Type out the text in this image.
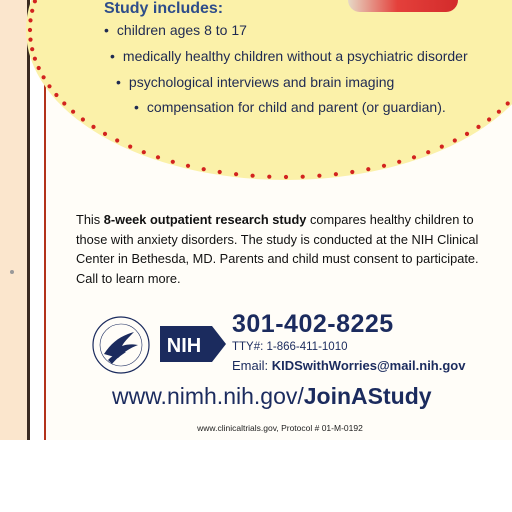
Study includes:
• children ages 8 to 17
• medically healthy children without a psychiatric disorder
• psychological interviews and brain imaging
• compensation for child and parent (or guardian).

This 8-week outpatient research study compares healthy children to those with anxiety disorders. The study is conducted at the NIH Clinical Center in Bethesda, MD. Parents and child must consent to participate. Call to learn more.

NIH
301-402-8225
TTY#: 1-866-411-1010
Email: KIDSwithWorries@mail.nih.gov
www.nimh.nih.gov/JoinAStudy
www.clinicaltrials.gov, Protocol # 01-M-0192
